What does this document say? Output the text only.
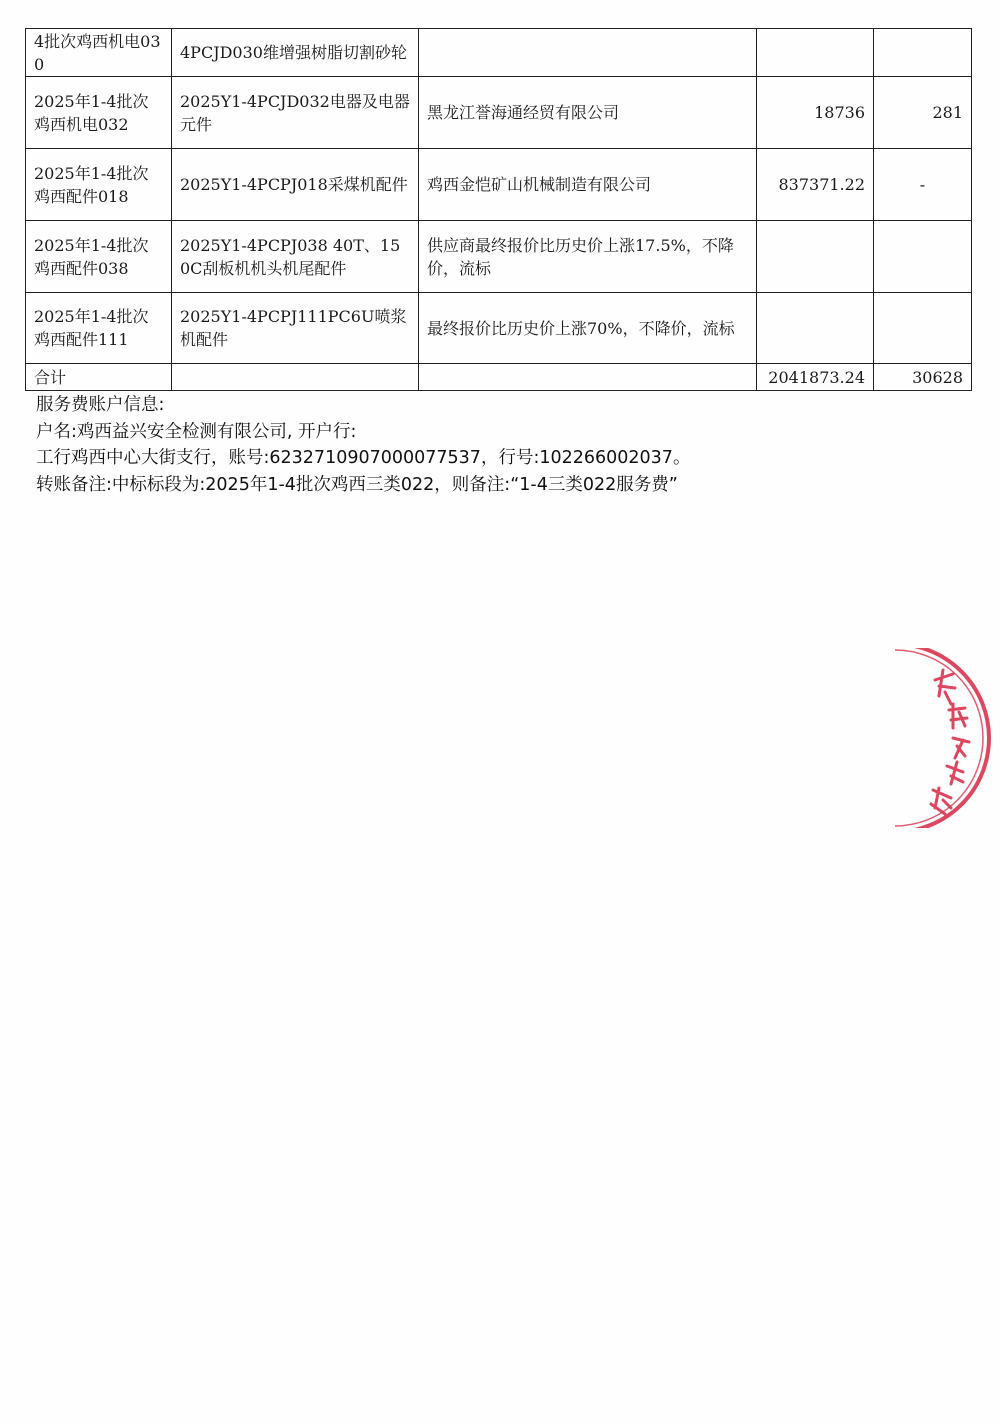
4批次鸡西机电030	4PCJD030维增强树脂切割砂轮			
2025年1-4批次鸡西机电032	2025Y1-4PCJD032电器及电器元件	黑龙江誉海通经贸有限公司	18736	281
2025年1-4批次鸡西配件018	2025Y1-4PCPJ018采煤机配件	鸡西金恺矿山机械制造有限公司	837371.22	-
2025年1-4批次鸡西配件038	2025Y1-4PCPJ038 40T、150C刮板机机头机尾配件	供应商最终报价比历史价上涨17.5%，不降价，流标		
2025年1-4批次鸡西配件111	2025Y1-4PCPJ111PC6U喷浆机配件	最终报价比历史价上涨70%，不降价，流标		
合计			2041873.24	30628

服务费账户信息:

户名:鸡西益兴安全检测有限公司, 开户行:

工行鸡西中心大街支行，账号:6232710907000077537，行号:102266002037。

转账备注:中标标段为:2025年1-4批次鸡西三类022，则备注:“1-4三类022服务费”
